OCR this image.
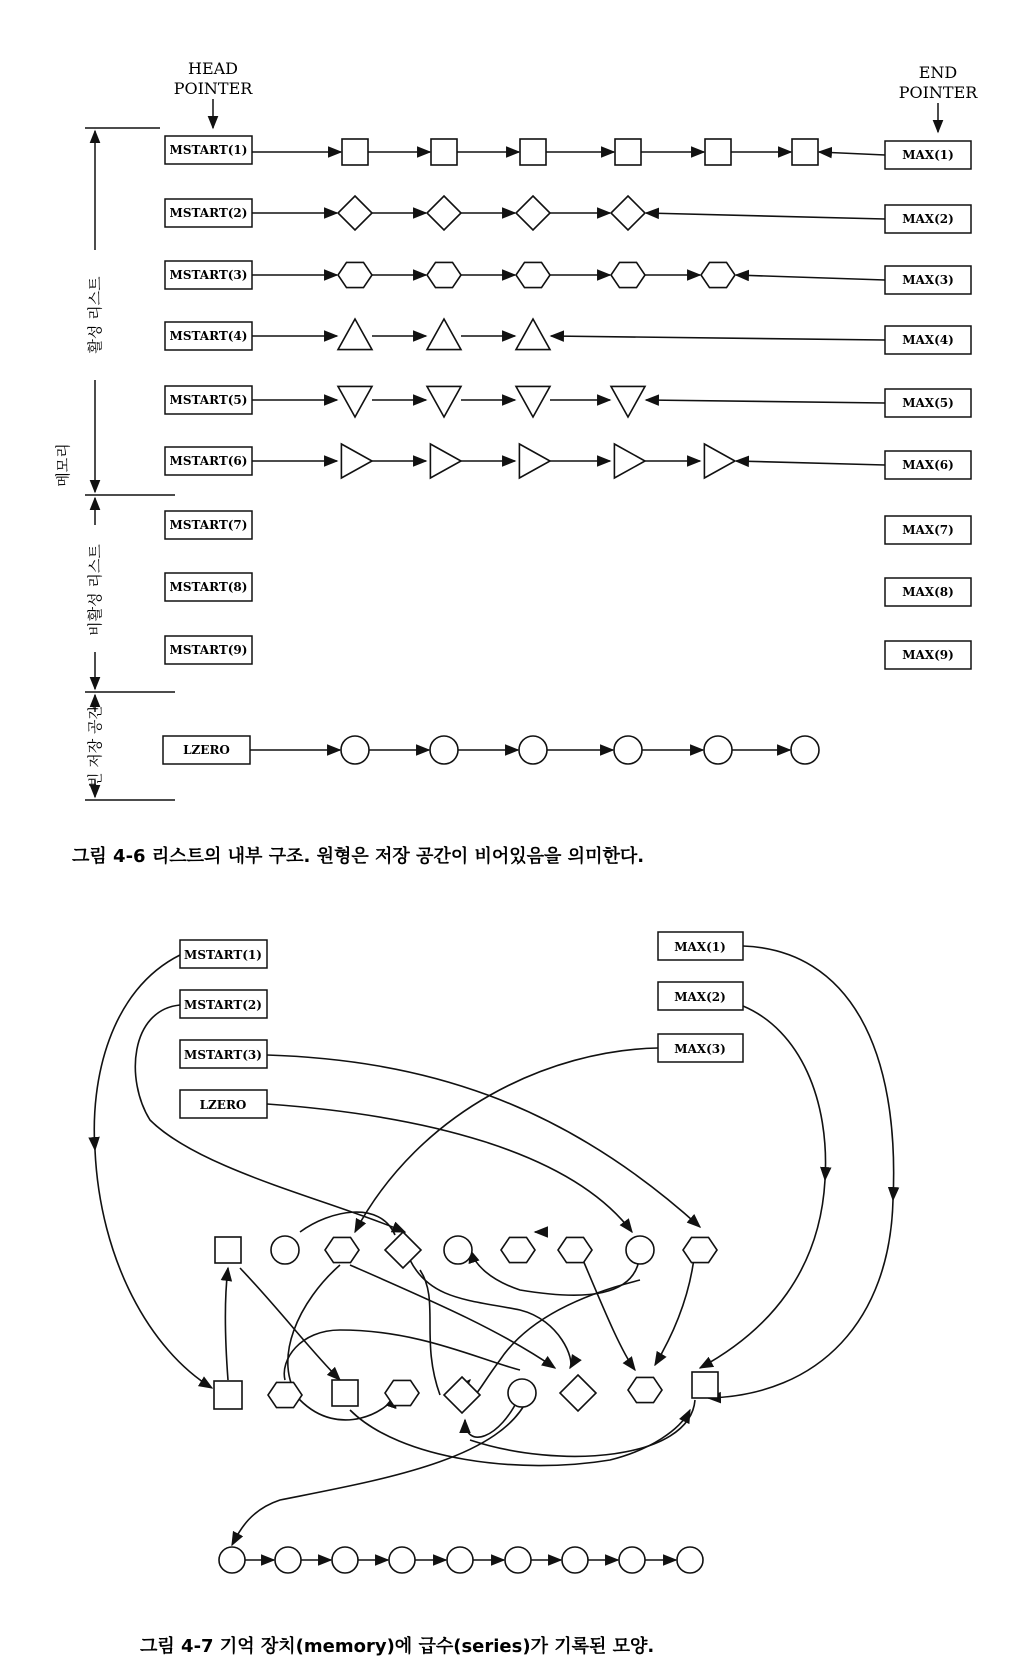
HEAD
POINTER
END
POINTER
메모리
활성 리스트
비활성 리스트
빈 저장 공간
MSTART(1)	MAX(1)
MSTART(2)	MAX(2)
MSTART(3)	MAX(3)
MSTART(4)	MAX(4)
MSTART(5)	MAX(5)
MSTART(6)	MAX(6)
MSTART(7)	MAX(7)
MSTART(8)	MAX(8)
MSTART(9)	MAX(9)
LZERO
그림 4-6 리스트의 내부 구조. 원형은 저장 공간이 비어있음을 의미한다.
MSTART(1)
MSTART(2)
MSTART(3)
LZERO
MAX(1)
MAX(2)
MAX(3)
그림 4-7 기억 장치(memory)에 급수(series)가 기록된 모양.
